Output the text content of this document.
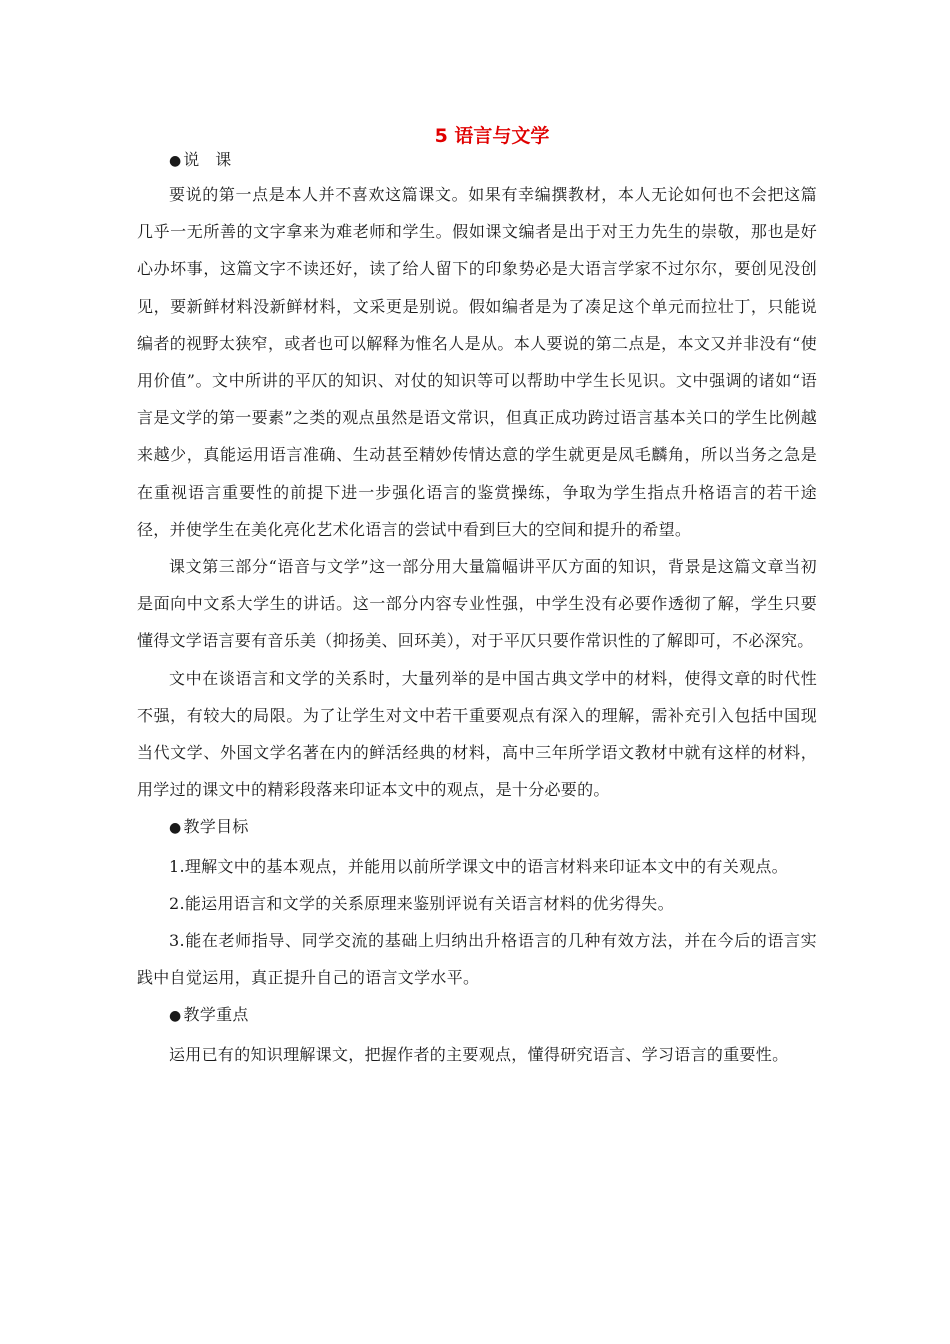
5 语言与文学

● 说　课

要说的第一点是本人并不喜欢这篇课文。如果有幸编撰教材，本人无论如何也不会把这篇几乎一无所善的文字拿来为难老师和学生。假如课文编者是出于对王力先生的崇敬，那也是好心办坏事，这篇文字不读还好，读了给人留下的印象势必是大语言学家不过尔尔，要创见没创见，要新鲜材料没新鲜材料，文采更是别说。假如编者是为了凑足这个单元而拉壮丁，只能说编者的视野太狭窄，或者也可以解释为惟名人是从。本人要说的第二点是，本文又并非没有“使用价值”。文中所讲的平仄的知识、对仗的知识等可以帮助中学生长见识。文中强调的诸如“语言是文学的第一要素”之类的观点虽然是语文常识，但真正成功跨过语言基本关口的学生比例越来越少，真能运用语言准确、生动甚至精妙传情达意的学生就更是凤毛麟角，所以当务之急是在重视语言重要性的前提下进一步强化语言的鉴赏操练，争取为学生指点升格语言的若干途径，并使学生在美化亮化艺术化语言的尝试中看到巨大的空间和提升的希望。

课文第三部分“语音与文学”这一部分用大量篇幅讲平仄方面的知识，背景是这篇文章当初是面向中文系大学生的讲话。这一部分内容专业性强，中学生没有必要作透彻了解，学生只要懂得文学语言要有音乐美（抑扬美、回环美），对于平仄只要作常识性的了解即可，不必深究。

文中在谈语言和文学的关系时，大量列举的是中国古典文学中的材料，使得文章的时代性不强，有较大的局限。为了让学生对文中若干重要观点有深入的理解，需补充引入包括中国现当代文学、外国文学名著在内的鲜活经典的材料，高中三年所学语文教材中就有这样的材料，用学过的课文中的精彩段落来印证本文中的观点，是十分必要的。

● 教学目标

1.理解文中的基本观点，并能用以前所学课文中的语言材料来印证本文中的有关观点。

2.能运用语言和文学的关系原理来鉴别评说有关语言材料的优劣得失。

3.能在老师指导、同学交流的基础上归纳出升格语言的几种有效方法，并在今后的语言实践中自觉运用，真正提升自己的语言文学水平。

● 教学重点

运用已有的知识理解课文，把握作者的主要观点，懂得研究语言、学习语言的重要性。
